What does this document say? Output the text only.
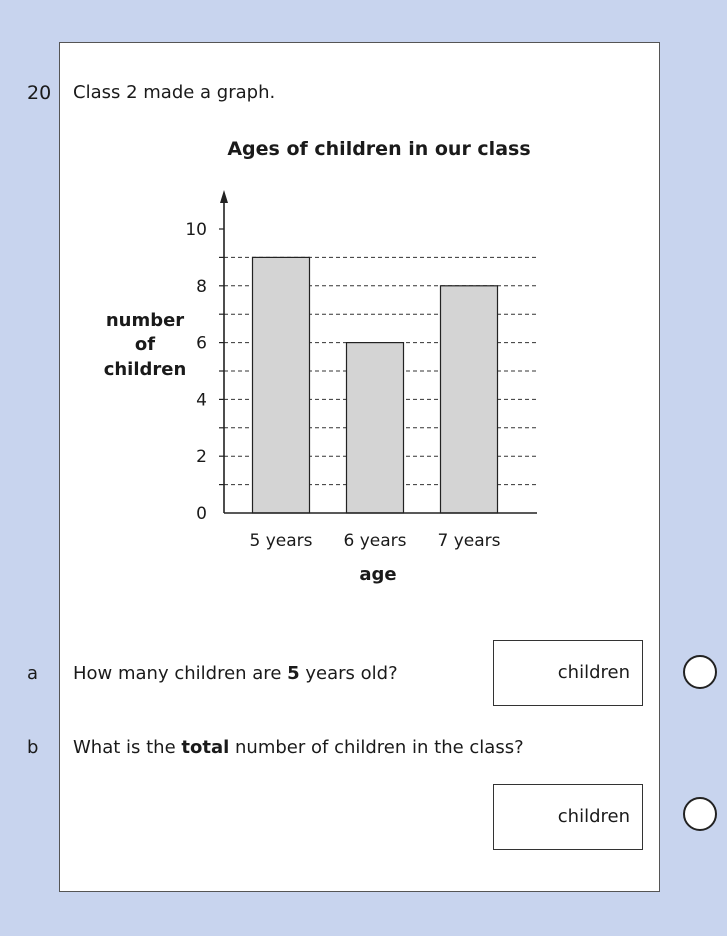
20 Class 2 made a graph.
Ages of children in our class
0
2
4
6
8
10
5 years 6 years 7 years
number
of
children
age
a How many children are 5 years old?	children
b What is the total number of children in the class?
children
